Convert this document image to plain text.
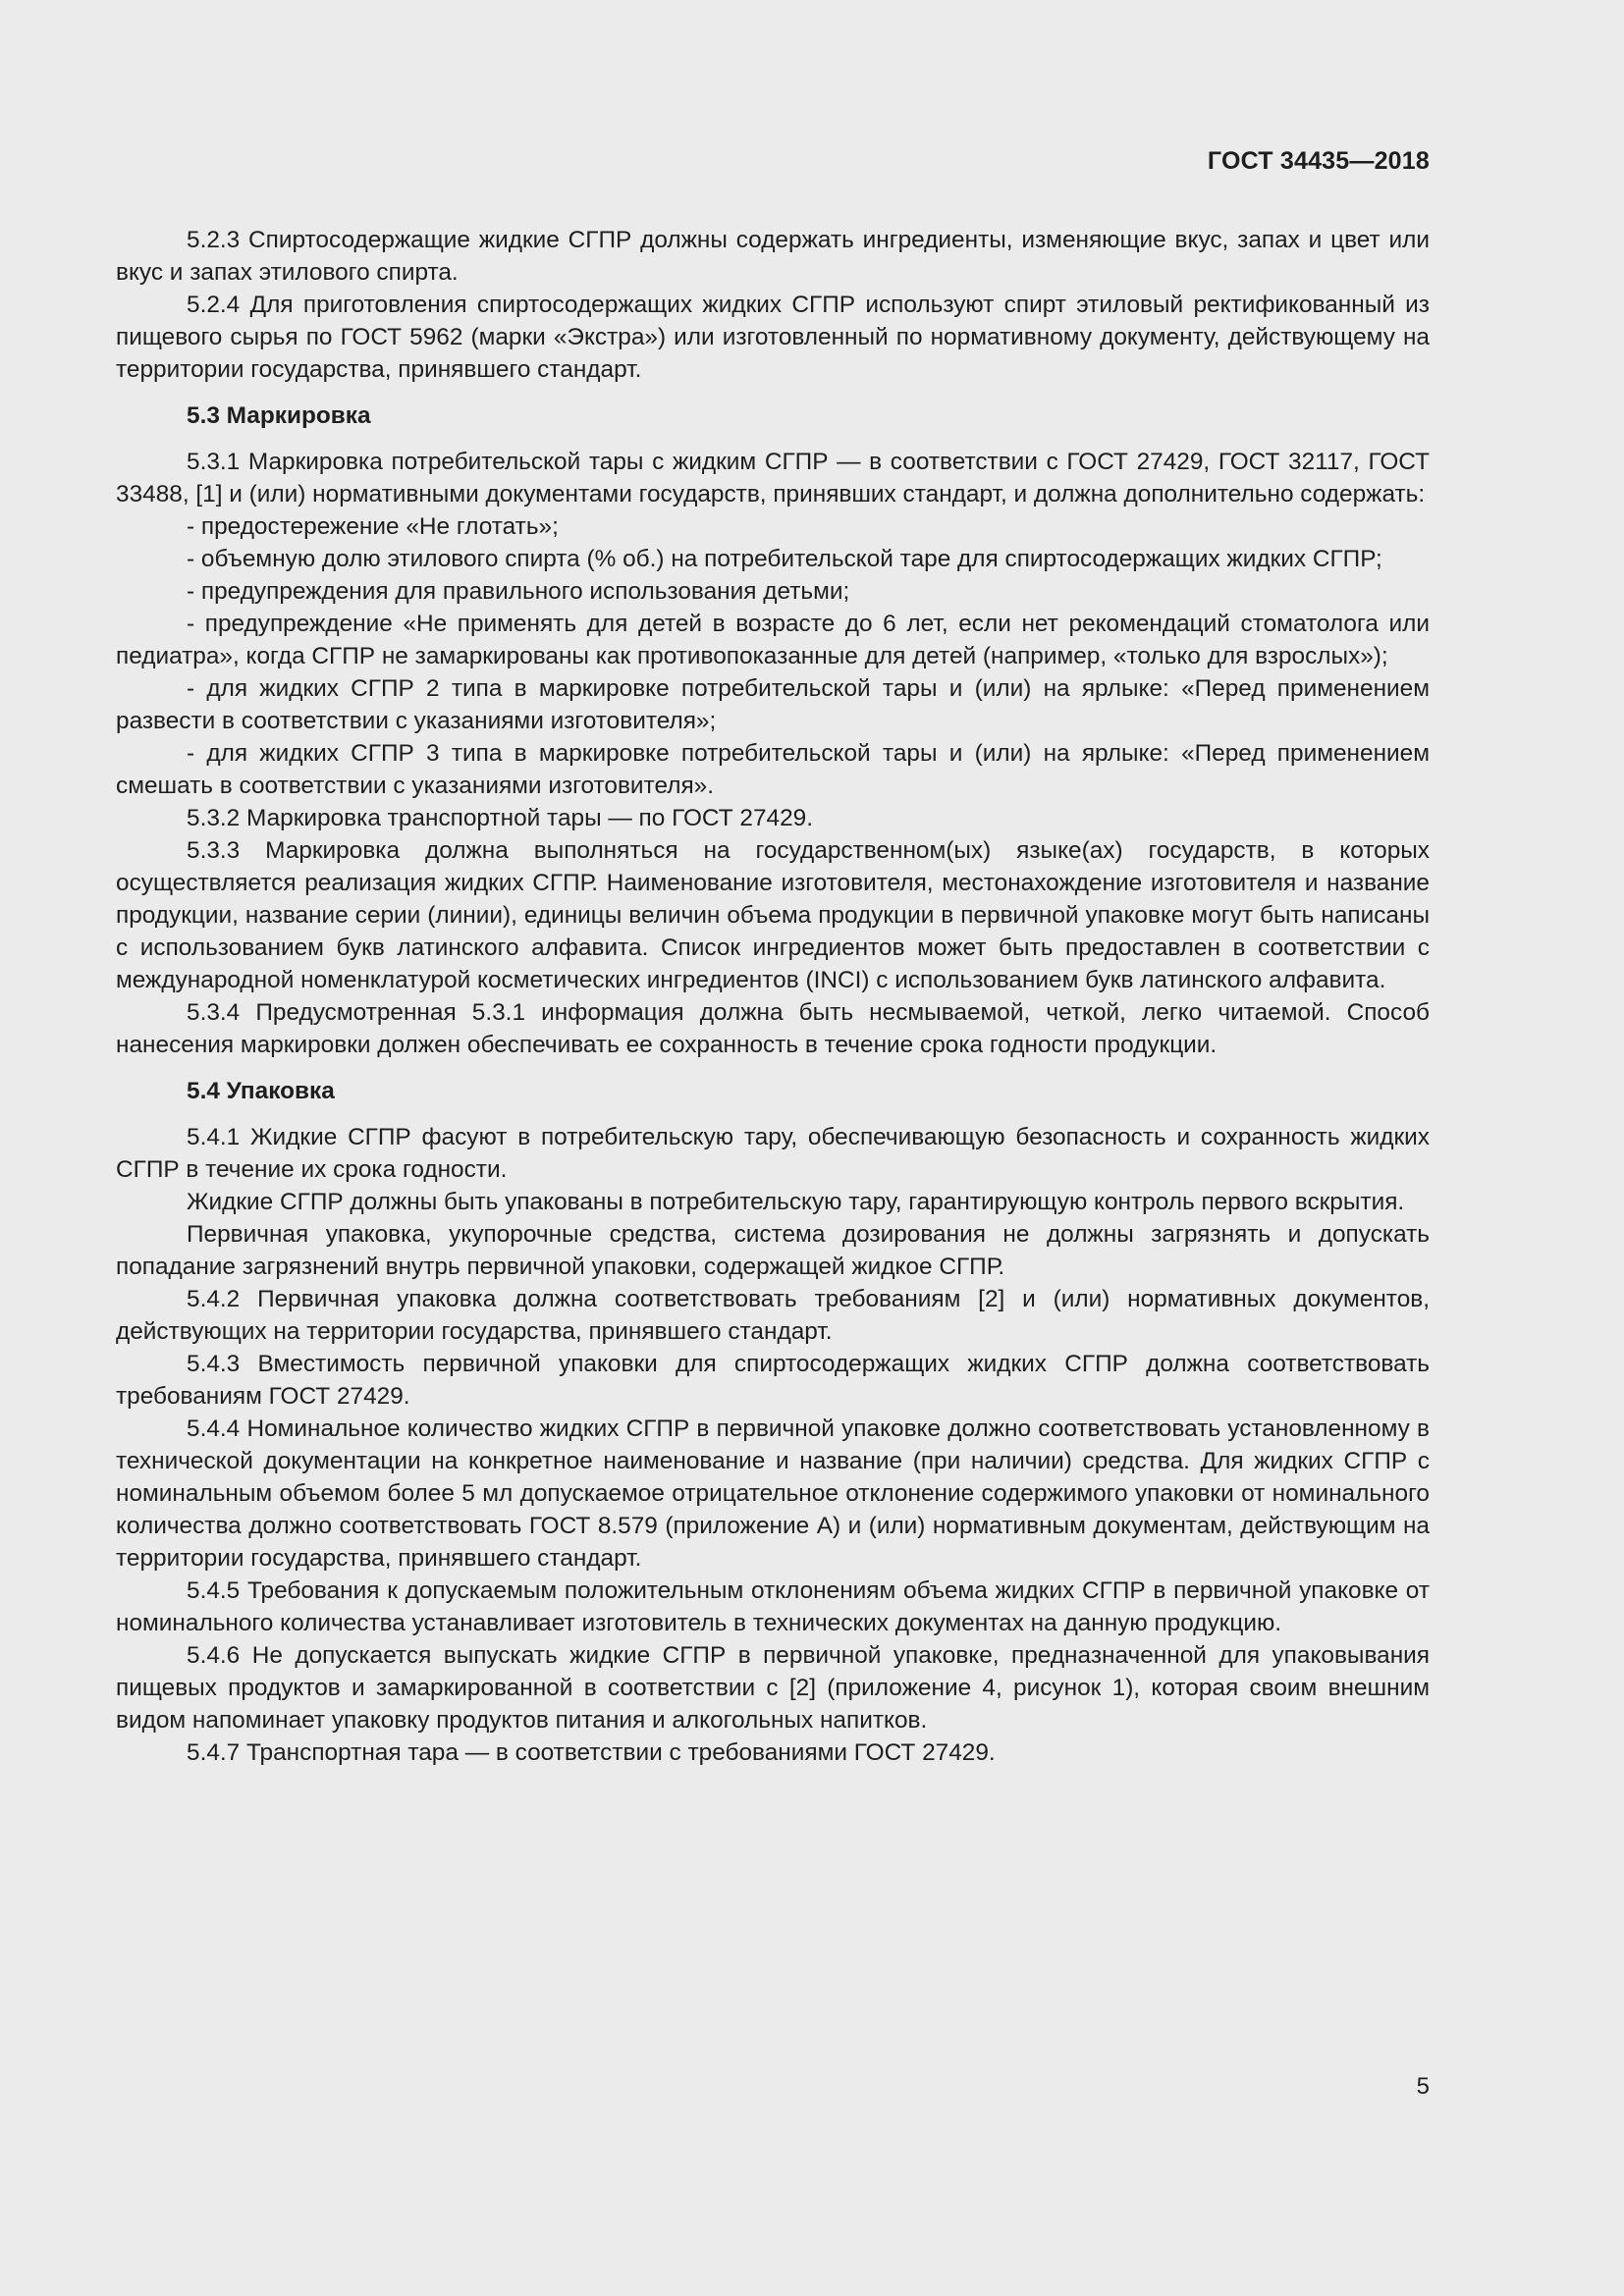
ГОСТ 34435—2018

5.2.3 Спиртосодержащие жидкие СГПР должны содержать ингредиенты, изменяющие вкус, запах и цвет или вкус и запах этилового спирта.

5.2.4 Для приготовления спиртосодержащих жидких СГПР используют спирт этиловый ректификованный из пищевого сырья по ГОСТ 5962 (марки «Экстра») или изготовленный по нормативному документу, действующему на территории государства, принявшего стандарт.

5.3 Маркировка

5.3.1 Маркировка потребительской тары с жидким СГПР — в соответствии с ГОСТ 27429, ГОСТ 32117, ГОСТ 33488, [1] и (или) нормативными документами государств, принявших стандарт, и должна дополнительно содержать:

- предостережение «Не глотать»;

- объемную долю этилового спирта (% об.) на потребительской таре для спиртосодержащих жидких СГПР;

- предупреждения для правильного использования детьми;

- предупреждение «Не применять для детей в возрасте до 6 лет, если нет рекомендаций стоматолога или педиатра», когда СГПР не замаркированы как противопоказанные для детей (например, «только для взрослых»);

- для жидких СГПР 2 типа в маркировке потребительской тары и (или) на ярлыке: «Перед применением развести в соответствии с указаниями изготовителя»;

- для жидких СГПР 3 типа в маркировке потребительской тары и (или) на ярлыке: «Перед применением смешать в соответствии с указаниями изготовителя».

5.3.2 Маркировка транспортной тары — по ГОСТ 27429.

5.3.3 Маркировка должна выполняться на государственном(ых) языке(ах) государств, в которых осуществляется реализация жидких СГПР. Наименование изготовителя, местонахождение изготовителя и название продукции, название серии (линии), единицы величин объема продукции в первичной упаковке могут быть написаны с использованием букв латинского алфавита. Список ингредиентов может быть предоставлен в соответствии с международной номенклатурой косметических ингредиентов (INCI) с использованием букв латинского алфавита.

5.3.4 Предусмотренная 5.3.1 информация должна быть несмываемой, четкой, легко читаемой. Способ нанесения маркировки должен обеспечивать ее сохранность в течение срока годности продукции.

5.4 Упаковка

5.4.1 Жидкие СГПР фасуют в потребительскую тару, обеспечивающую безопасность и сохранность жидких СГПР в течение их срока годности.

Жидкие СГПР должны быть упакованы в потребительскую тару, гарантирующую контроль первого вскрытия.

Первичная упаковка, укупорочные средства, система дозирования не должны загрязнять и допускать попадание загрязнений внутрь первичной упаковки, содержащей жидкое СГПР.

5.4.2 Первичная упаковка должна соответствовать требованиям [2] и (или) нормативных документов, действующих на территории государства, принявшего стандарт.

5.4.3 Вместимость первичной упаковки для спиртосодержащих жидких СГПР должна соответствовать требованиям ГОСТ 27429.

5.4.4 Номинальное количество жидких СГПР в первичной упаковке должно соответствовать установленному в технической документации на конкретное наименование и название (при наличии) средства. Для жидких СГПР с номинальным объемом более 5 мл допускаемое отрицательное отклонение содержимого упаковки от номинального количества должно соответствовать ГОСТ 8.579 (приложение А) и (или) нормативным документам, действующим на территории государства, принявшего стандарт.

5.4.5 Требования к допускаемым положительным отклонениям объема жидких СГПР в первичной упаковке от номинального количества устанавливает изготовитель в технических документах на данную продукцию.

5.4.6 Не допускается выпускать жидкие СГПР в первичной упаковке, предназначенной для упаковывания пищевых продуктов и замаркированной в соответствии с [2] (приложение 4, рисунок 1), которая своим внешним видом напоминает упаковку продуктов питания и алкогольных напитков.

5.4.7 Транспортная тара — в соответствии с требованиями ГОСТ 27429.

5
